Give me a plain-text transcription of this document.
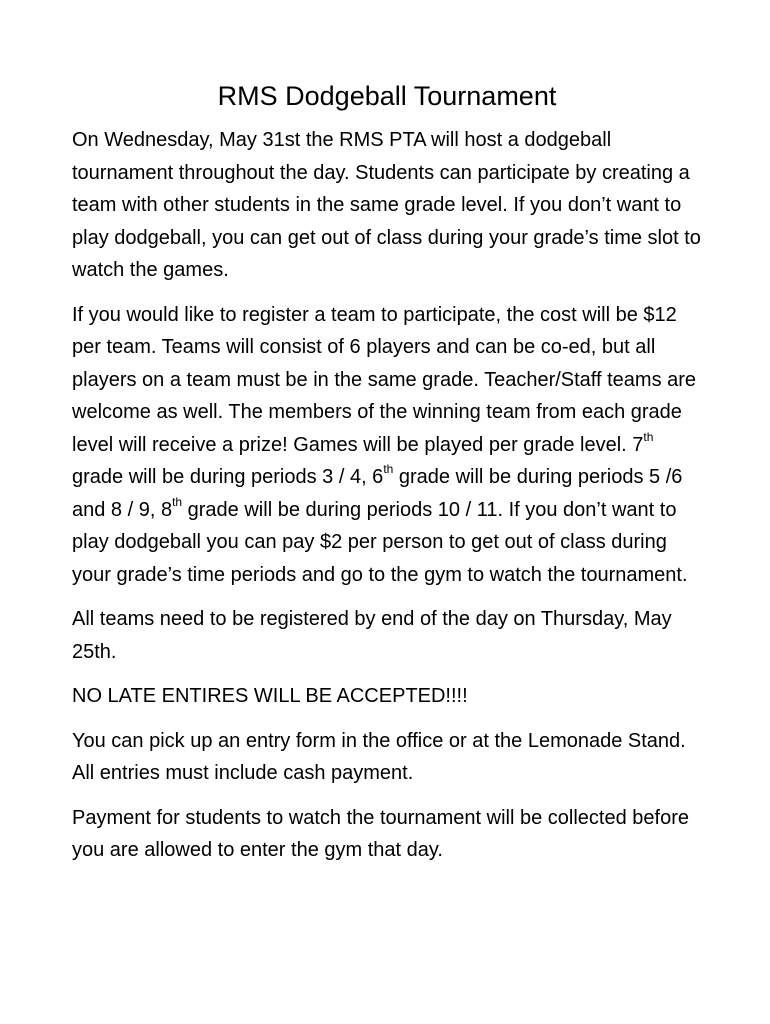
RMS Dodgeball Tournament

On Wednesday, May 31st the RMS PTA will host a dodgeball tournament throughout the day. Students can participate by creating a team with other students in the same grade level. If you don’t want to play dodgeball, you can get out of class during your grade’s time slot to watch the games.

If you would like to register a team to participate, the cost will be $12 per team. Teams will consist of 6 players and can be co-ed, but all players on a team must be in the same grade. Teacher/Staff teams are welcome as well. The members of the winning team from each grade level will receive a prize! Games will be played per grade level. 7th grade will be during periods 3 / 4, 6th grade will be during periods 5 /6 and 8 / 9, 8th grade will be during periods 10 / 11. If you don’t want to play dodgeball you can pay $2 per person to get out of class during your grade’s time periods and go to the gym to watch the tournament.

All teams need to be registered by end of the day on Thursday, May 25th.

NO LATE ENTIRES WILL BE ACCEPTED!!!!

You can pick up an entry form in the office or at the Lemonade Stand. All entries must include cash payment.

Payment for students to watch the tournament will be collected before you are allowed to enter the gym that day.
